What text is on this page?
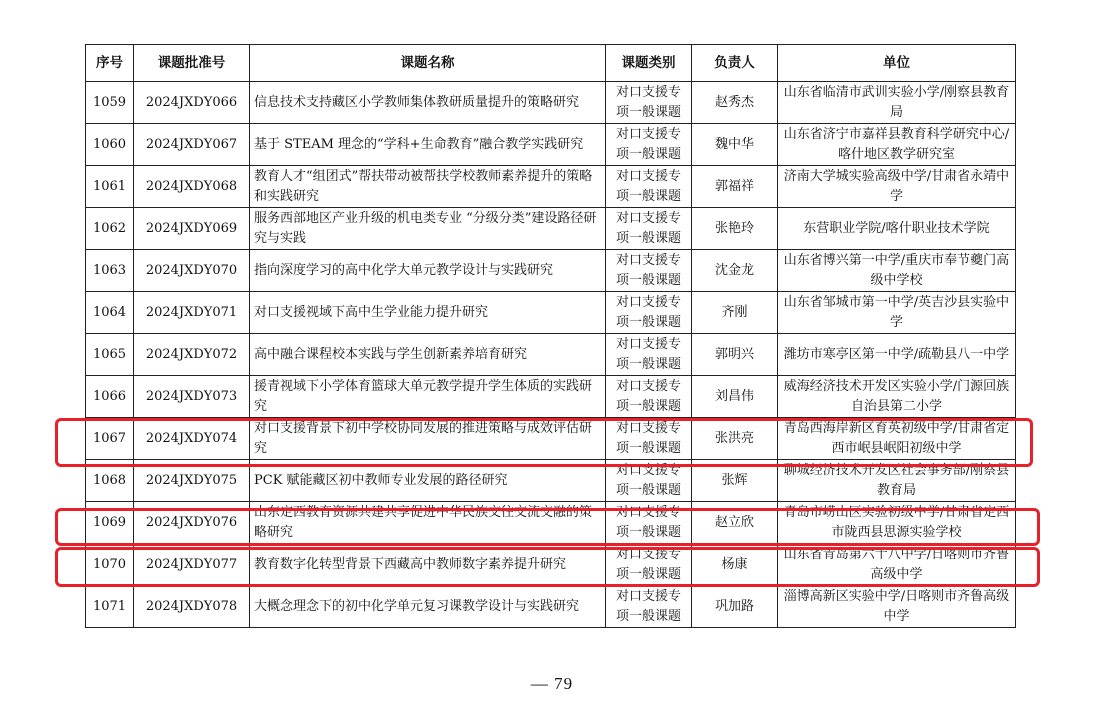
序号	课题批准号	课题名称	课题类别	负责人	单位
1059	2024JXDY066	信息技术支持藏区小学教师集体教研质量提升的策略研究	对口支援专项一般课题	赵秀杰	山东省临清市武训实验小学/刚察县教育局
1060	2024JXDY067	基于 STEAM 理念的“学科+生命教育”融合教学实践研究	对口支援专项一般课题	魏中华	山东省济宁市嘉祥县教育科学研究中心/喀什地区教学研究室
1061	2024JXDY068	教育人才“组团式”帮扶带动被帮扶学校教师素养提升的策略和实践研究	对口支援专项一般课题	郭福祥	济南大学城实验高级中学/甘肃省永靖中学
1062	2024JXDY069	服务西部地区产业升级的机电类专业 “分级分类”建设路径研究与实践	对口支援专项一般课题	张艳玲	东营职业学院/喀什职业技术学院
1063	2024JXDY070	指向深度学习的高中化学大单元教学设计与实践研究	对口支援专项一般课题	沈金龙	山东省博兴第一中学/重庆市奉节夔门高级中学校
1064	2024JXDY071	对口支援视域下高中生学业能力提升研究	对口支援专项一般课题	齐刚	山东省邹城市第一中学/英吉沙县实验中学
1065	2024JXDY072	高中融合课程校本实践与学生创新素养培育研究	对口支援专项一般课题	郭明兴	潍坊市寒亭区第一中学/疏勒县八一中学
1066	2024JXDY073	援青视域下小学体育篮球大单元教学提升学生体质的实践研究	对口支援专项一般课题	刘昌伟	威海经济技术开发区实验小学/门源回族自治县第二小学
1067	2024JXDY074	对口支援背景下初中学校协同发展的推进策略与成效评估研究	对口支援专项一般课题	张洪亮	青岛西海岸新区育英初级中学/甘肃省定西市岷县岷阳初级中学
1068	2024JXDY075	PCK 赋能藏区初中教师专业发展的路径研究	对口支援专项一般课题	张辉	聊城经济技术开发区社会事务部/刚察县教育局
1069	2024JXDY076	山东定西教育资源共建共享促进中华民族交往交流交融的策略研究	对口支援专项一般课题	赵立欣	青岛市崂山区实验初级中学/甘肃省定西市陇西县思源实验学校
1070	2024JXDY077	教育数字化转型背景下西藏高中教师数字素养提升研究	对口支援专项一般课题	杨康	山东省青岛第六十八中学/日喀则市齐鲁高级中学
1071	2024JXDY078	大概念理念下的初中化学单元复习课教学设计与实践研究	对口支援专项一般课题	巩加路	淄博高新区实验中学/日喀则市齐鲁高级中学
— 79
